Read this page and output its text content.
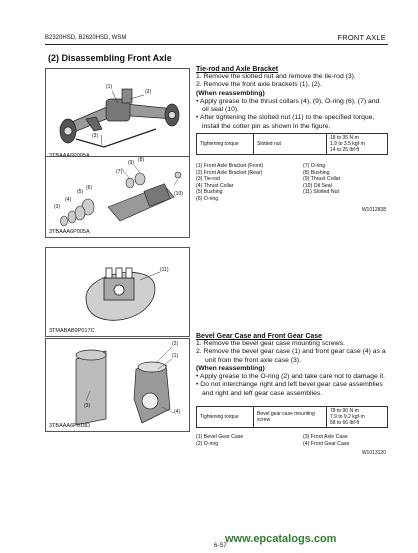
B2320HSD, B2620HSD, WSM	FRONT AXLE
(2) Disassembling Front Axle
(2)
(1)
(3)
(9) (8)
(7)
(6)
(5)
(4)
(3)
(10)
3TBAAA6P005A
(11)
3TMABAB9P017C
(2)
(1)
(3)
(4)
3TBAAA6P018D
Tie-rod and Axle Bracket
1. Remove the slotted nut and remove the tie-rod (3).
2. Remove the front axle brackets (1), (2).
(When reassembling)
• Apply grease to the thrust collars (4), (9), O-ring (6), (7) and oil seal (10).
• After tightening the slotted nut (11) to the specified torque, install the cotter pin as shown in the figure.
Tightening torque	Slotted nut	
18 to 35 N·m
1.9 to 3.5 kgf·m
14 to 25 lbf·ft
(1) Front Axle Bracket (Front)
(2) Front Axle Bracket (Rear)
(3) Tie-rod
(4) Thrust Collar
(5) Bushing
(6) O-ring
(7) O-ring
(8) Bushing
(9) Thrust Collar
(10) Oil Seal
(11) Slotted Nut
W1012838
Bevel Gear Case and Front Gear Case
1. Remove the bevel gear case mounting screws.
2. Remove the bevel gear case (1) and front gear case (4) as a unit from the front axle case (3).
(When reassembling)
• Apply grease to the O-ring (2) and take care not to damage it.
• Do not interchange right and left bevel gear case assemblies and right and left gear case assemblies.
Tightening torque	Bevel gear case mounting screw	
78 to 90 N·m
7.9 to 9.2 kgf·m
58 to 66 lbf·ft
(1) Bevel Gear Case
(2) O-ring
(3) Front Axle Case
(4) Front Gear Case
W1013120
www.epcatalogs.com
6-S7
